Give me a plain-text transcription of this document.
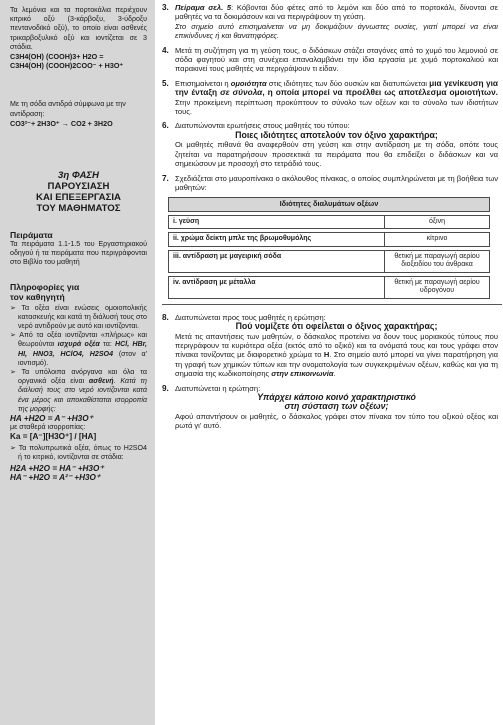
Τα λεμόνια και τα πορτοκάλια περιέχουν κιτρικό οξύ (3-κάρβοξυ, 3-ύδροξυ πεντανοδιϊκό οξύ), το οποίο είναι ασθενές τρικαρβοξυλικό οξύ και ιοντίζεται σε 3 στάδια.

C3H4(OH) (COOH)3+ H2O =

C3H4(OH) (COOH)2COO⁻ + H3O⁺

Με τη σόδα αντιδρά σύμφωνα με την αντίδραση:

CO3²⁻+ 2H3O⁺ → CO2 + 3H2O

3η ΦΑΣΗ

ΠΑΡΟΥΣΙΑΣΗ

ΚΑΙ ΕΠΕΞΕΡΓΑΣΙΑ

ΤΟΥ ΜΑΘΗΜΑΤΟΣ

Πειράματα

Τα πειράματα 1.1-1.5 του Εργαστηριακού οδηγού ή τα πειράματα που περιγράφονται στο Βιβλίο του μαθητή

Πληροφορίες για
τον καθηγητή

➢ Τα οξέα είναι ενώσεις ομοιοπολικής κατασκευής και κατά τη διάλυσή τους στο νερό αντιδρούν με αυτό και ιοντίζονται.

➢ Από τα οξέα ιοντίζονται «πλήρως» και θεωρούνται ισχυρά οξέα τα: HCl, HBr, HI, HNO3, HClO4, H2SO4 (στον α' ιοντισμό).

➢ Τα υπόλοιπα ανόργανα και όλα τα οργανικά οξέα είναι ασθενή. Κατά τη διάλυσή τους στο νερό ιοντίζονται κατά ένα μέρος και αποκαθίσταται ισορροπία της μορφής:

HA +H2O = A⁻ +H3O⁺

με σταθερά ισορροπίας:

Ka = [A⁻][H3O⁺] / [HA]

➢ Τα πολυπρωτικά οξέα, όπως το H2SO4 ή το κιτρικό, ιοντίζονται σε στάδια:

H2A +H2O = HA⁻ +H3O⁺

HA⁻ +H2O = A²⁻ +H3O⁺

3. Πείραμα σελ. 5: Κόβονται δύο φέτες από το λεμόνι και δύο από το πορτοκάλι, δίνονται σε μαθητές να τα δοκιμάσουν και να περιγράψουν τη γεύση.

Στο σημείο αυτό επισημαίνεται να μη δοκιμάζουν άγνωστες ουσίες, γιατί μπορεί να είναι επικίνδυνες ή και θανατηφόρες.

4. Μετά τη συζήτηση για τη γεύση τους, ο διδάσκων στάζει σταγόνες από το χυμό του λεμονιού σε σόδα φαγητού και στη συνέχεια επαναλαμβάνει την ίδια εργασία με χυμό πορτοκαλιού και παρακινεί τους μαθητές να περιγράψουν τι είδαν.

5. Επισημαίνεται η ομοιότητα στις ιδιότητες των δύο ουσιών και διατυπώνεται μια γενίκευση για την ένταξη σε σύνολα, η οποία μπορεί να προέλθει ως αποτέλεσμα ομοιοτήτων. Στην προκείμενη περίπτωση προκύπτουν το σύνολο των οξέων και το σύνολο των ιδιοτήτων τους.

6. Διατυπώνονται ερωτήσεις στους μαθητές του τύπου:

Ποιες ιδιότητες αποτελούν τον όξινο χαρακτήρα;

Οι μαθητές πιθανά θα αναφερθούν στη γεύση και στην αντίδραση με τη σόδα, οπότε τους ζητείται να παρατηρήσουν προσεκτικά τα πειράματα που θα επιδείξει ο διδάσκων και να σημειώσουν με προσοχή στο τετράδιό τους.

7. Σχεδιάζεται στο μαυροπίνακα ο ακόλουθος πίνακας, ο οποίος συμπληρώνεται με τη βοήθεια των μαθητών:

Ιδιότητες διαλυμάτων οξέων	

i. γεύση	όξινη

ii. χρώμα δείκτη μπλε της βρωμοθυμόλης	κίτρινο

iii. αντίδραση με μαγειρική σόδα	θετική με παραγωγή αερίου διοξειδίου του άνθρακα

iv. αντίδραση με μέταλλα	θετική με παραγωγή αερίου υδρογόνου
8. Διατυπώνεται προς τους μαθητές η ερώτηση:

Πού νομίζετε ότι οφείλεται ο όξινος χαρακτήρας;

Μετά τις απαντήσεις των μαθητών, ο δάσκαλος προτείνει να δουν τους μοριακούς τύπους που περιγράφουν τα κυριότερα οξέα (εκτός από το οξικό) και τα ονόματά τους και τους γράφει στον πίνακα τονίζοντας με διαφορετικό χρώμα το Η. Στο σημείο αυτό μπορεί να γίνει παρατήρηση για τη γραφή των χημικών τύπων και την ονοματολογία των συγκεκριμένων οξέων, καθώς και για τη σημασία της κωδικοποίησης στην επικοινωνία.

9. Διατυπώνεται η ερώτηση:

Υπάρχει κάποιο κοινό χαρακτηριστικό

στη σύσταση των οξέων;

Αφού απαντήσουν οι μαθητές, ο δάσκαλος γράφει στον πίνακα τον τύπο του οξικού οξέος και ρωτά γι' αυτό.
